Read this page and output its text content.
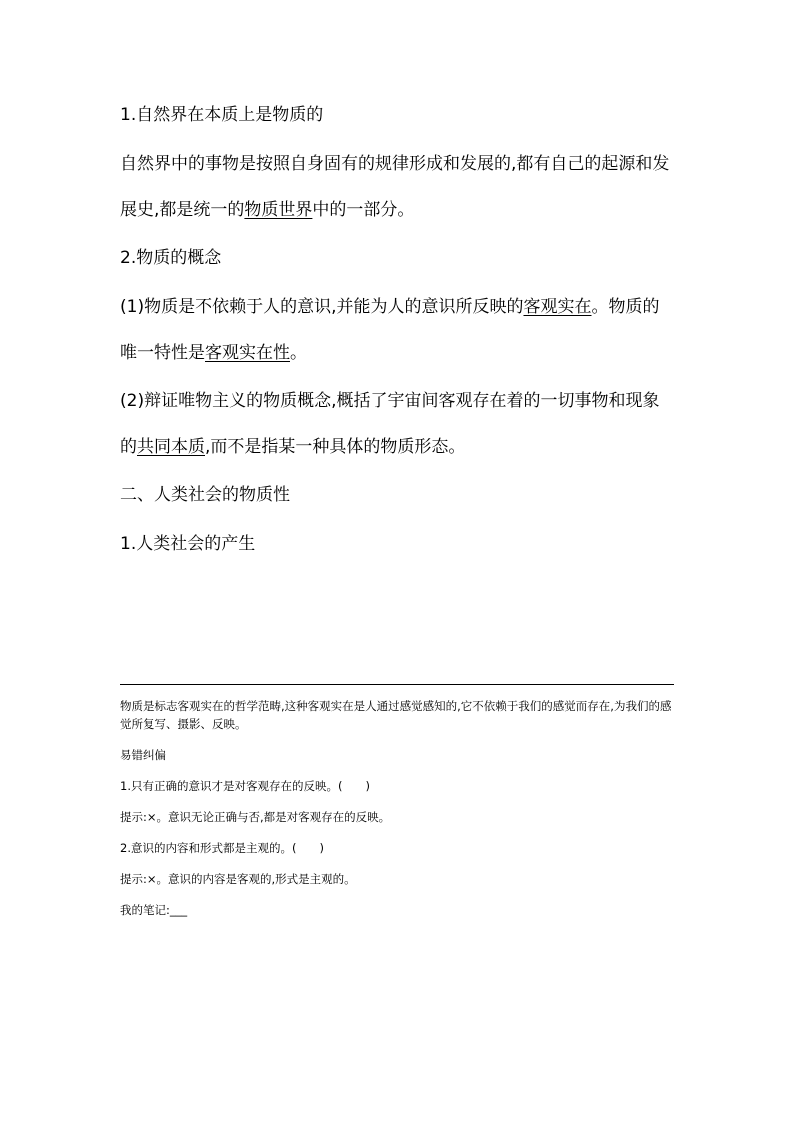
1.自然界在本质上是物质的

自然界中的事物是按照自身固有的规律形成和发展的,都有自己的起源和发展史,都是统一的物质世界中的一部分。

2.物质的概念

(1)物质是不依赖于人的意识,并能为人的意识所反映的客观实在。物质的唯一特性是客观实在性。

(2)辩证唯物主义的物质概念,概括了宇宙间客观存在着的一切事物和现象的共同本质,而不是指某一种具体的物质形态。

二、人类社会的物质性

1.人类社会的产生

物质是标志客观实在的哲学范畴,这种客观实在是人通过感觉感知的,它不依赖于我们的感觉而存在,为我们的感觉所复写、摄影、反映。

易错纠偏

1.只有正确的意识才是对客观存在的反映。(　　)

提示:×。意识无论正确与否,都是对客观存在的反映。

2.意识的内容和形式都是主观的。(　　)

提示:×。意识的内容是客观的,形式是主观的。

我的笔记:___
